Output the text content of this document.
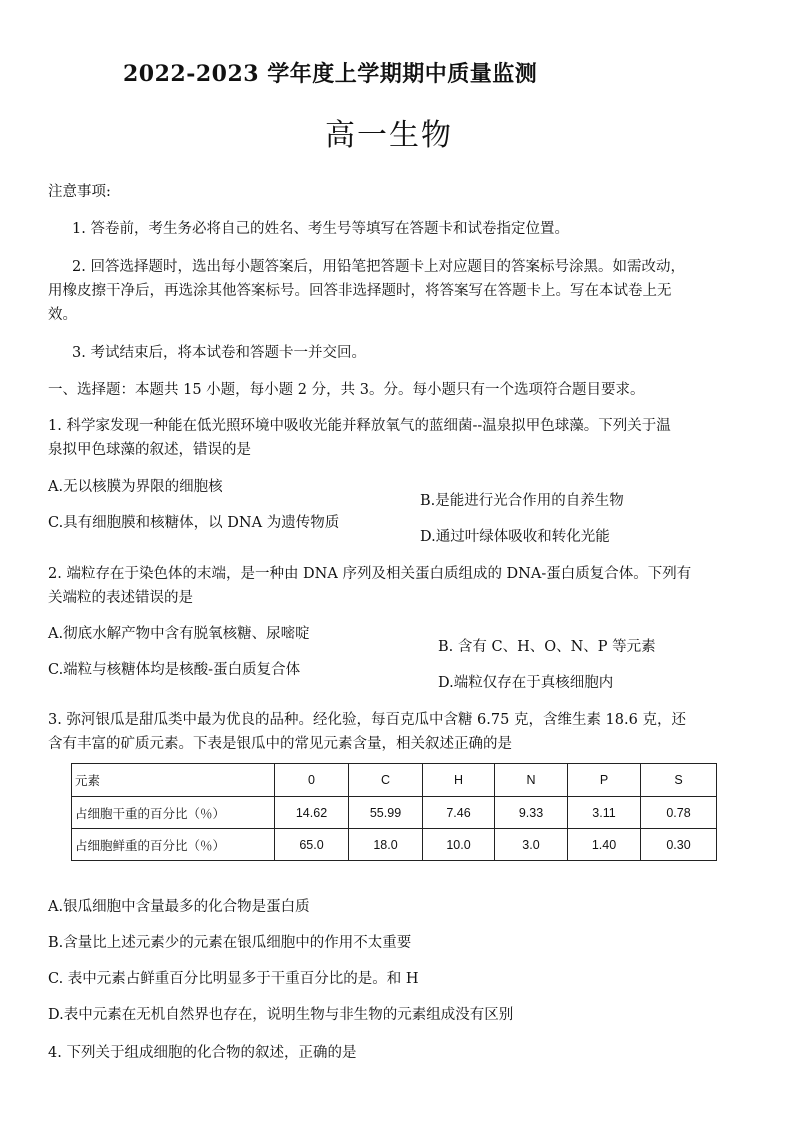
2022-2023 学年度上学期期中质量监测
高一生物
注意事项:
1. 答卷前，考生务必将自己的姓名、考生号等填写在答题卡和试卷指定位置。
2. 回答选择题时，选出每小题答案后，用铅笔把答题卡上对应题目的答案标号涂黑。如需改动，
用橡皮擦干净后，再选涂其他答案标号。回答非选择题时，将答案写在答题卡上。写在本试卷上无
效。
3. 考试结束后，将本试卷和答题卡一并交回。
一、选择题：本题共 15 小题，每小题 2 分，共 3。分。每小题只有一个选项符合题目要求。
1. 科学家发现一种能在低光照环境中吸收光能并释放氧气的蓝细菌--温泉拟甲色球藻。下列关于温
泉拟甲色球藻的叙述，错误的是
A.无以核膜为界限的细胞核
B.是能进行光合作用的自养生物
C.具有细胞膜和核糖体，以 DNA 为遗传物质
D.通过叶绿体吸收和转化光能
2. 端粒存在于染色体的末端，是一种由 DNA 序列及相关蛋白质组成的 DNA-蛋白质复合体。下列有
关端粒的表述错误的是
A.彻底水解产物中含有脱氧核糖、尿嘧啶
B. 含有 C、H、O、N、P 等元素
C.端粒与核糖体均是核酸-蛋白质复合体
D.端粒仅存在于真核细胞内
3. 弥河银瓜是甜瓜类中最为优良的品种。经化验，每百克瓜中含糖 6.75 克，含维生素 18.6 克，还
含有丰富的矿质元素。下表是银瓜中的常见元素含量，相关叙述正确的是
元素	0	C	H	N	P	S
占细胞干重的百分比（％）	14.62	55.99	7.46	9.33	3.11	0.78
占细胞鲜重的百分比（％）	65.0	18.0	10.0	3.0	1.40	0.30
A.银瓜细胞中含量最多的化合物是蛋白质
B.含量比上述元素少的元素在银瓜细胞中的作用不太重要
C. 表中元素占鲜重百分比明显多于干重百分比的是。和 H
D.表中元素在无机自然界也存在，说明生物与非生物的元素组成没有区别
4. 下列关于组成细胞的化合物的叙述，正确的是
